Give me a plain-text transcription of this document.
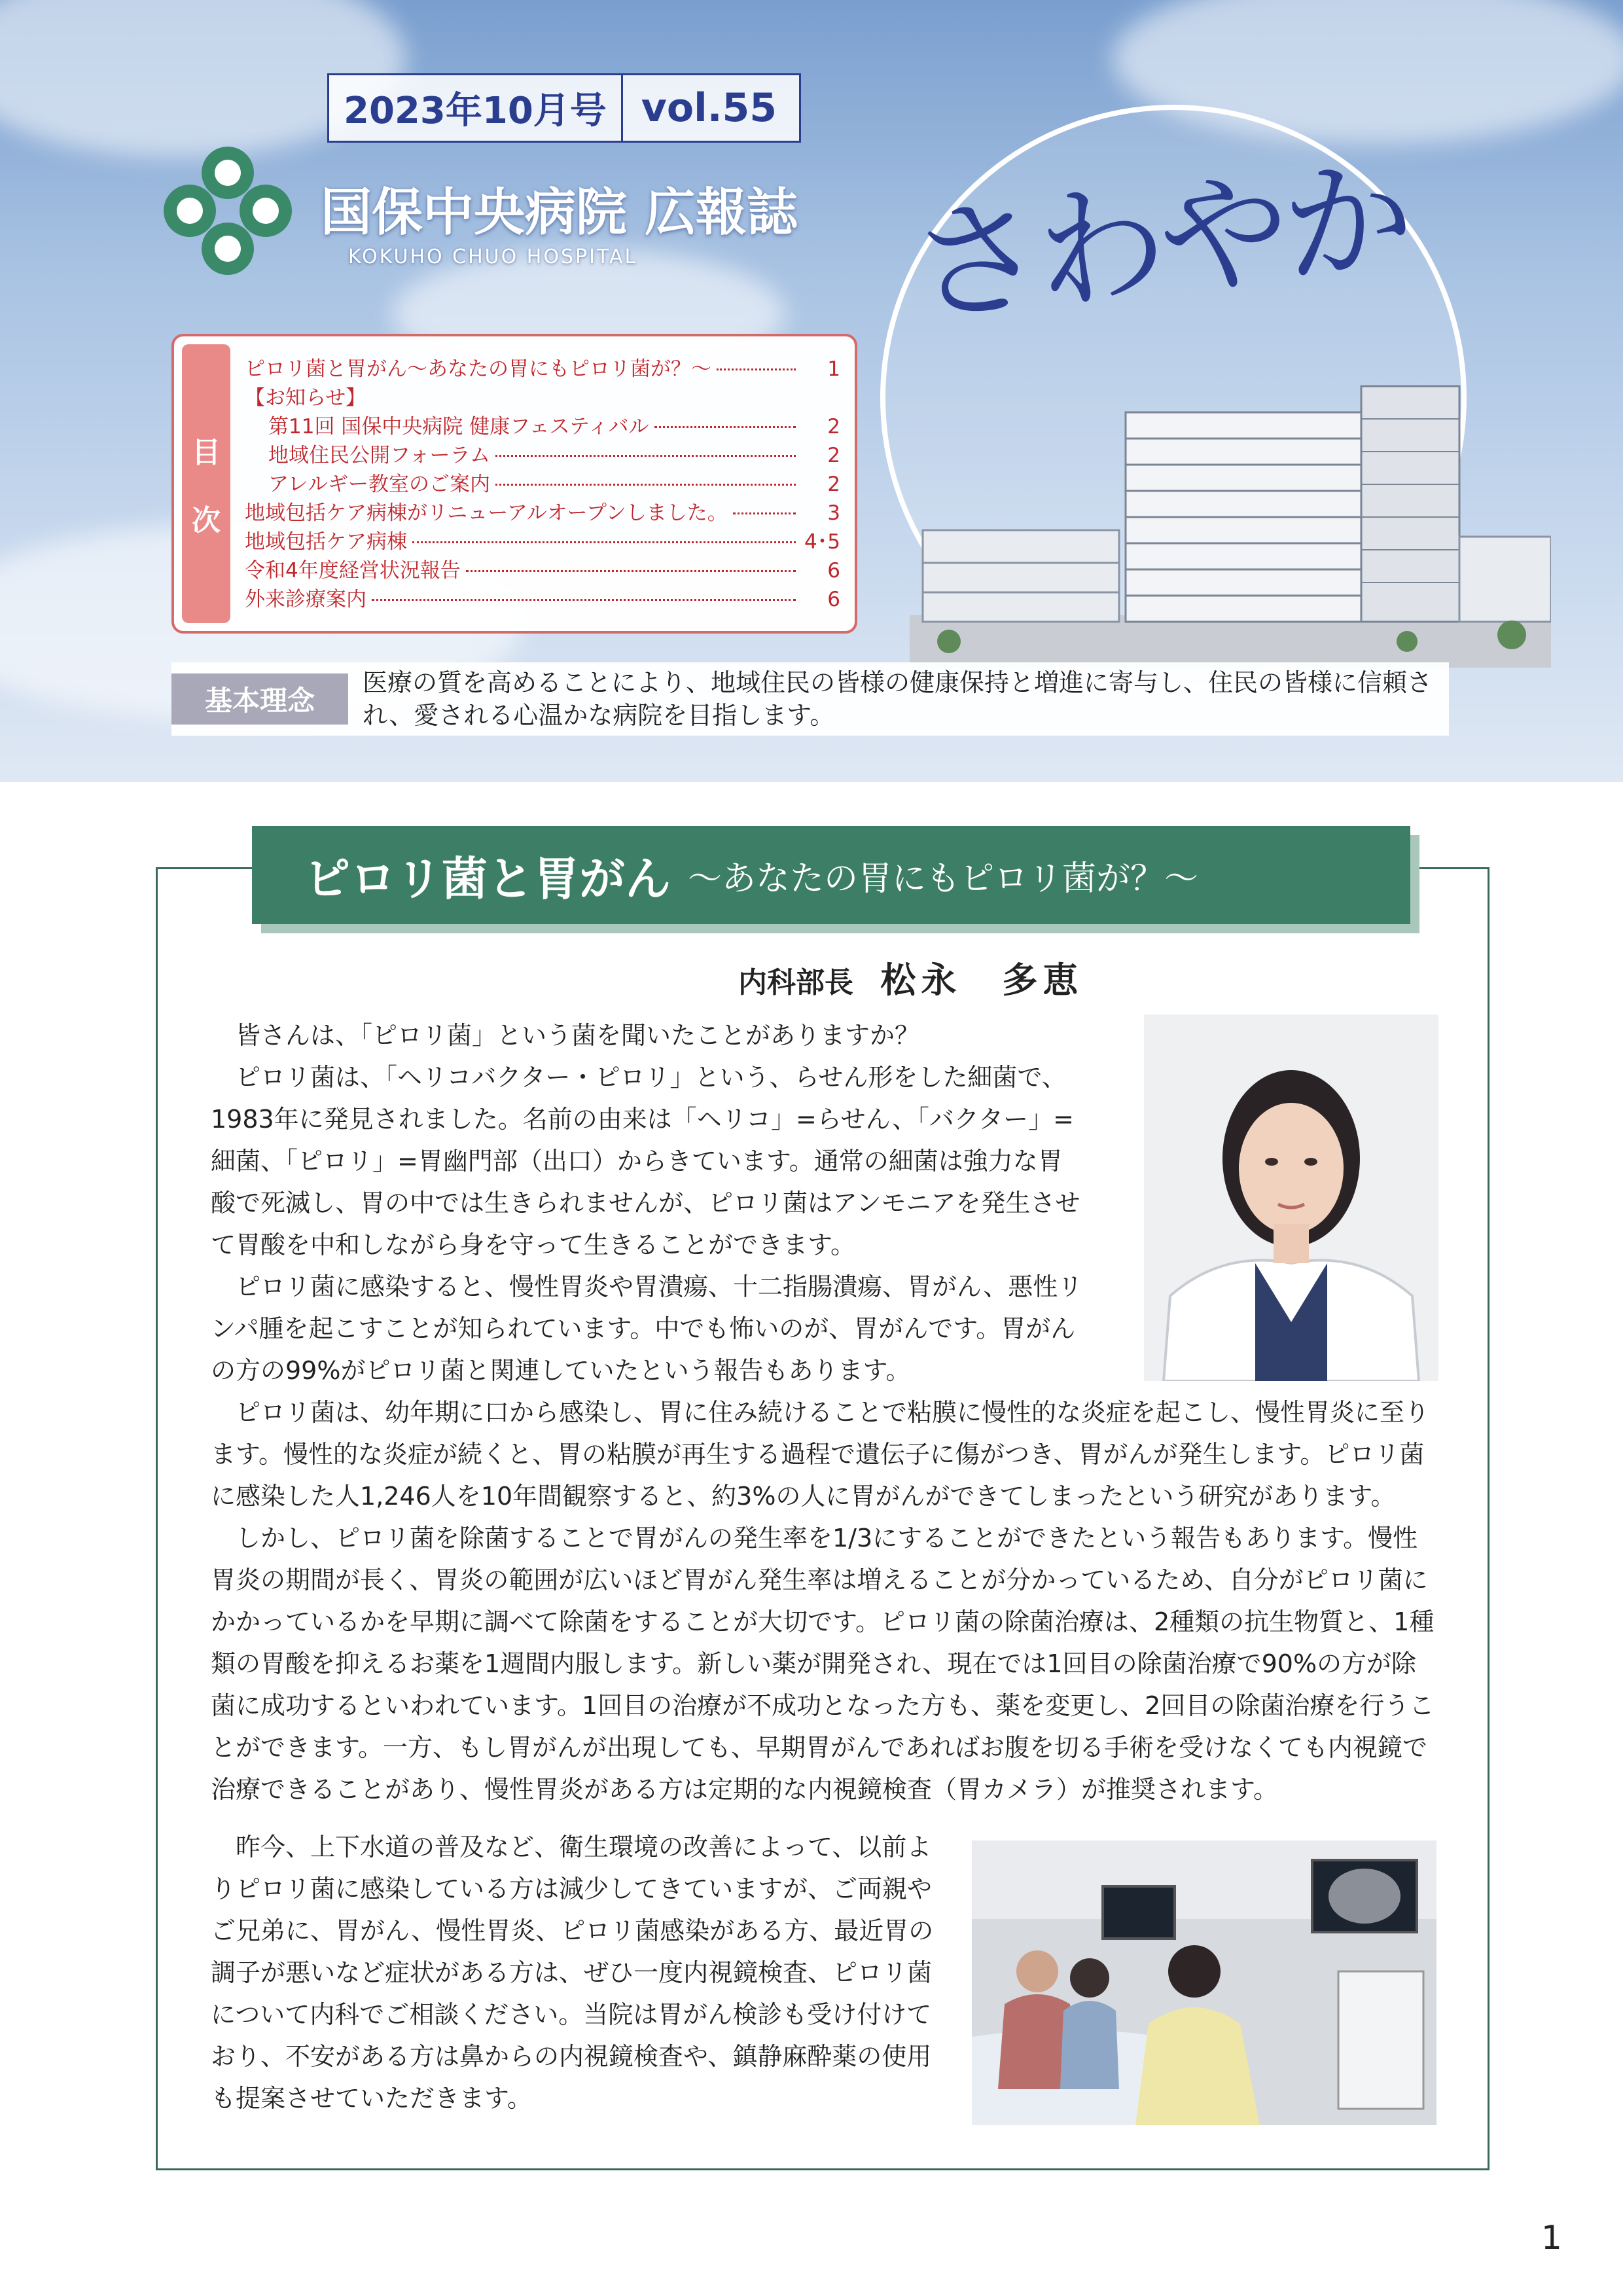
2023年10月号 vol.55
国保中央病院 広報誌
KOKUHO CHUO HOSPITAL さわやか
目
次
ピロリ菌と胃がん〜あなたの胃にもピロリ菌が？〜	1
【お知らせ】
第11回 国保中央病院 健康フェスティバル	2
地域住民公開フォーラム	2
アレルギー教室のご案内	2
地域包括ケア病棟がリニューアルオープンしました。	3
地域包括ケア病棟	4･5
令和4年度経営状況報告	6
外来診療案内	6
基本理念
医療の質を高めることにより、地域住民の皆様の健康保持と増進に寄与し、住民の皆様に信頼され、愛される心温かな病院を目指します。
ピロリ菌と胃がん 〜あなたの胃にもピロリ菌が？〜
内科部長 松永　多恵

皆さんは、「ピロリ菌」という菌を聞いたことがありますか？

ピロリ菌は、「ヘリコバクター・ピロリ」という、らせん形をした細菌で、1983年に発見されました。名前の由来は「ヘリコ」=らせん、「バクター」=細菌、「ピロリ」=胃幽門部（出口）からきています。通常の細菌は強力な胃酸で死滅し、胃の中では生きられませんが、ピロリ菌はアンモニアを発生させて胃酸を中和しながら身を守って生きることができます。

ピロリ菌に感染すると、慢性胃炎や胃潰瘍、十二指腸潰瘍、胃がん、悪性リンパ腫を起こすことが知られています。中でも怖いのが、胃がんです。胃がんの方の99%がピロリ菌と関連していたという報告もあります。

ピロリ菌は、幼年期に口から感染し、胃に住み続けることで粘膜に慢性的な炎症を起こし、慢性胃炎に至ります。慢性的な炎症が続くと、胃の粘膜が再生する過程で遺伝子に傷がつき、胃がんが発生します。ピロリ菌に感染した人1,246人を10年間観察すると、約3%の人に胃がんができてしまったという研究があります。

しかし、ピロリ菌を除菌することで胃がんの発生率を1/3にすることができたという報告もあります。慢性胃炎の期間が長く、胃炎の範囲が広いほど胃がん発生率は増えることが分かっているため、自分がピロリ菌にかかっているかを早期に調べて除菌をすることが大切です。ピロリ菌の除菌治療は、2種類の抗生物質と、1種類の胃酸を抑えるお薬を1週間内服します。新しい薬が開発され、現在では1回目の除菌治療で90%の方が除菌に成功するといわれています。1回目の治療が不成功となった方も、薬を変更し、2回目の除菌治療を行うことができます。一方、もし胃がんが出現しても、早期胃がんであればお腹を切る手術を受けなくても内視鏡で治療できることがあり、慢性胃炎がある方は定期的な内視鏡検査（胃カメラ）が推奨されます。

昨今、上下水道の普及など、衛生環境の改善によって、以前よりピロリ菌に感染している方は減少してきていますが、ご両親やご兄弟に、胃がん、慢性胃炎、ピロリ菌感染がある方、最近胃の調子が悪いなど症状がある方は、ぜひ一度内視鏡検査、ピロリ菌について内科でご相談ください。当院は胃がん検診も受け付けており、不安がある方は鼻からの内視鏡検査や、鎮静麻酔薬の使用も提案させていただきます。

1
